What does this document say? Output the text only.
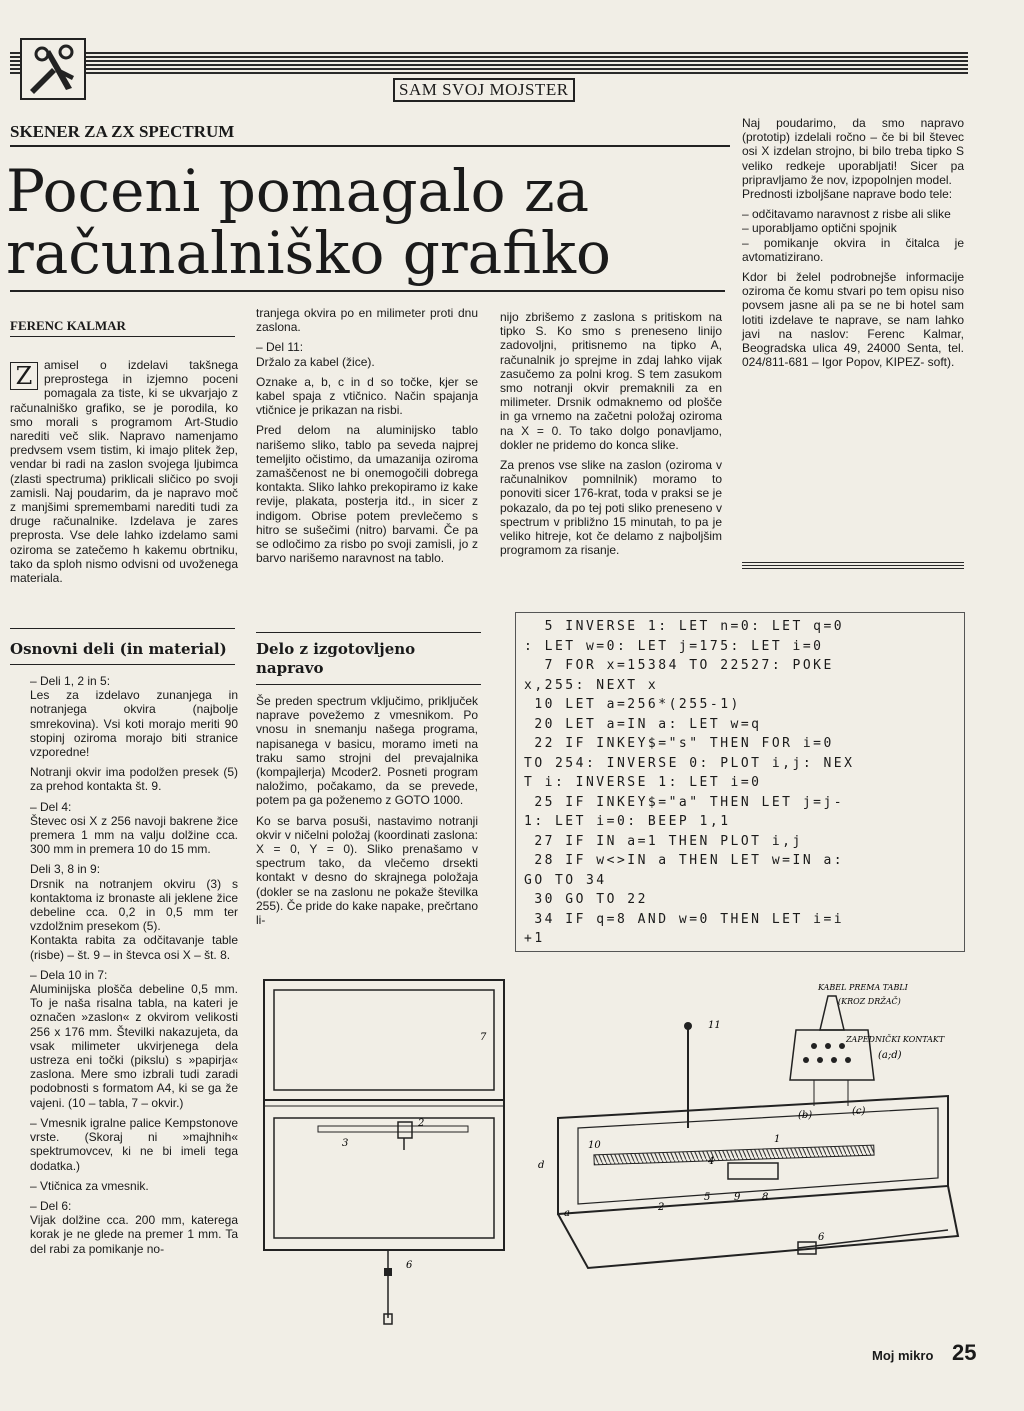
SAM SVOJ MOJSTER
SKENER ZA ZX SPECTRUM
Poceni pomagalo za
računalniško grafiko
FERENC KALMAR
Z amisel o izdelavi takšnega preprostega in izjemno poceni pomagala za tiste, ki se ukvarjajo z računalniško grafiko, se je porodila, ko smo morali s programom Art-Studio narediti več slik. Napravo namenjamo predvsem vsem tistim, ki imajo plitek žep, vendar bi radi na zaslon svojega ljubimca (zlasti spectruma) priklicali sličico po svoji zamisli. Naj poudarim, da je napravo moč z manjšimi spremembami narediti tudi za druge računalnike. Izdelava je zares preprosta. Vse dele lahko izdelamo sami oziroma se zatečemo h kakemu obrtniku, tako da sploh nismo odvisni od uvoženega materiala.
Osnovni deli (in material)

– Deli 1, 2 in 5:

Les za izdelavo zunanjega in notranjega okvira (najbolje smrekovina). Vsi koti morajo meriti 90 stopinj oziroma morajo biti stranice vzporedne!

Notranji okvir ima podolžen presek (5) za prehod kontakta št. 9.

– Del 4:

Števec osi X z 256 navoji bakrene žice premera 1 mm na valju dolžine cca. 300 mm in premera 10 do 15 mm.

Deli 3, 8 in 9:

Drsnik na notranjem okviru (3) s kontaktoma iz bronaste ali jeklene žice debeline cca. 0,2 in 0,5 mm ter vzdolžnim presekom (5).

Kontakta rabita za odčitavanje table (risbe) – št. 9 – in števca osi X – št. 8.

– Dela 10 in 7:

Aluminijska plošča debeline 0,5 mm. To je naša risalna tabla, na kateri je označen »zaslon« z okvirom velikosti 256 x 176 mm. Številki nakazujeta, da vsak milimeter ukvirjenega dela ustreza eni točki (pikslu) s »papirja« zaslona. Mere smo izbrali tudi zaradi podobnosti s formatom A4, ki se ga že vajeni. (10 – tabla, 7 – okvir.)

– Vmesnik igralne palice Kempstonove vrste. (Skoraj ni »majhnih« spektrumovcev, ki ne bi imeli tega dodatka.)

– Vtičnica za vmesnik.

– Del 6:

Vijak dolžine cca. 200 mm, katerega korak je ne glede na premer 1 mm. Ta del rabi za pomikanje no-

tranjega okvira po en milimeter proti dnu zaslona.

– Del 11:

Držalo za kabel (žice).

Oznake a, b, c in d so točke, kjer se kabel spaja z vtičnico. Način spajanja vtičnice je prikazan na risbi.

Pred delom na aluminijsko tablo narišemo sliko, tablo pa seveda najprej temeljito očistimo, da umazanija oziroma zamaščenost ne bi onemogočili dobrega kontakta. Sliko lahko prekopiramo iz kake revije, plakata, posterja itd., in sicer z indigom. Obrise potem prevlečemo s hitro se sušečimi (nitro) barvami. Če pa se odločimo za risbo po svoji zamisli, jo z barvo narišemo naravnost na tablo.

Delo z izgotovljeno napravo

Še preden spectrum vključimo, priključek naprave povežemo z vmesnikom. Po vnosu in snemanju našega programa, napisanega v basicu, moramo imeti na traku samo strojni del prevajalnika (kompajlerja) Mcoder2. Posneti program naložimo, počakamo, da se prevede, potem pa ga poženemo z GOTO 1000.

Ko se barva posuši, nastavimo notranji okvir v ničelni položaj (koordinati zaslona: X = 0, Y = 0). Sliko prenašamo v spectrum tako, da vlečemo drsekti kontakt v desno do skrajnega položaja (dokler se na zaslonu ne pokaže številka 255). Če pride do kake napake, prečrtano li-

nijo zbrišemo z zaslona s pritiskom na tipko S. Ko smo s preneseno linijo zadovoljni, pritisnemo na tipko A, računalnik jo sprejme in zdaj lahko vijak zasučemo za polni krog. S tem zasukom smo notranji okvir premaknili za en milimeter. Drsnik odmaknemo od plošče in ga vrnemo na začetni položaj oziroma na X = 0. To tako dolgo ponavljamo, dokler ne pridemo do konca slike.

Za prenos vse slike na zaslon (oziroma v računalnikov pomnilnik) moramo to ponoviti sicer 176-krat, toda v praksi se je pokazalo, da po tej poti sliko preneseno v spectrum v približno 15 minutah, to pa je veliko hitreje, kot če delamo z najboljšim programom za risanje.

Naj poudarimo, da smo napravo (prototip) izdelali ročno – če bi bil števec osi X izdelan strojno, bi bilo treba tipko S veliko redkeje uporabljati! Sicer pa pripravljamo že nov, izpopolnjen model.

Prednosti izboljšane naprave bodo tele:

– odčitavamo naravnost z risbe ali slike

– uporabljamo optični spojnik

– pomikanje okvira in čitalca je avtomatizirano.

Kdor bi želel podrobnejše informacije oziroma če komu stvari po tem opisu niso povsem jasne ali pa se ne bi hotel sam lotiti izdelave te naprave, se nam lahko javi na naslov: Ferenc Kalmar, Beogradska ulica 49, 24000 Senta, tel. 024/811-681 – Igor Popov, KIPEZ- soft).

5 INVERSE 1: LET n=0: LET q=0
: LET w=0: LET j=175: LET i=0
7 FOR x=15384 TO 22527: POKE
x,255: NEXT x
10 LET a=256*(255-1)
20 LET a=IN a: LET w=q
22 IF INKEY$="s" THEN FOR i=0
TO 254: INVERSE 0: PLOT i,j: NEX
T i: INVERSE 1: LET i=0
25 IF INKEY$="a" THEN LET j=j-
1: LET i=0: BEEP 1,1
27 IF IN a=1 THEN PLOT i,j
28 IF w<>IN a THEN LET w=IN a:
GO TO 34
30 GO TO 22
34 IF q=8 AND w=0 THEN LET i=i
+1
7
2
3
6
11
10
1
4
2
5 9 8
d
a
6
KABEL PREMA TABLI
(KROZ DRŽAČ)
ZAPEDNIČKI KONTAKT
(a;d)
(b)	(c)
Moj mikro 25
